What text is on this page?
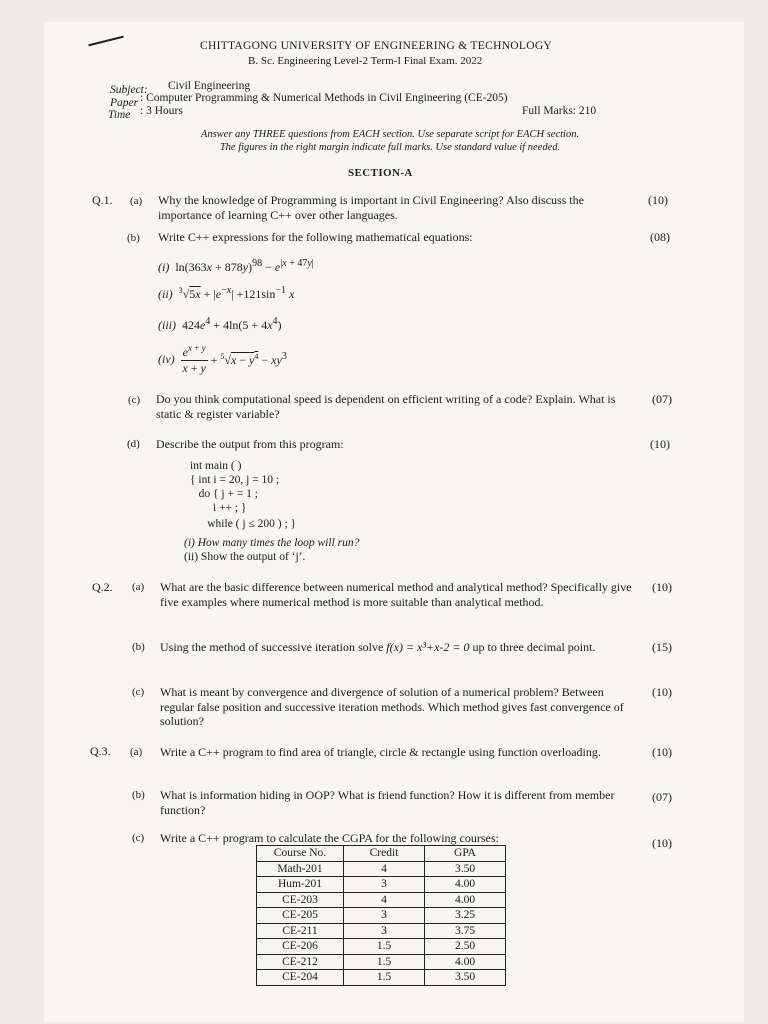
CHITTAGONG UNIVERSITY OF ENGINEERING & TECHNOLOGY
B. Sc. Engineering Level-2 Term-I Final Exam. 2022
Subject: Civil Engineering
Paper : Computer Programming & Numerical Methods in Civil Engineering (CE-205)
Time : 3 Hours	Full Marks: 210
Answer any THREE questions from EACH section. Use separate script for EACH section.
The figures in the right margin indicate full marks. Use standard value if needed.
SECTION-A
Q.1. (a) Why the knowledge of Programming is important in Civil Engineering? Also discuss the importance of learning C++ over other languages.
(10)
(b) Write C++ expressions for the following mathematical equations:	(08)
(i)  $\ln(363x + 878y)^{98} - e^{|x + 47y|}$
(ii) $^3√5x + |e^{-x}| +121\sin^{-1}$ x
(iii)  $424e^4 + 4\ln(5 + 4x^4)$
$(iv) \frac{e^{x + y}}{x + y} + ^5√x - y^4 - xy^3$
(c) Do you think computational speed is dependent on efficient writing of a code? Explain. What is static & register variable?
(07)
(d) Describe the output from this program:	(10)
int main ( )
{ int i = 20, j = 10 ;
do { j + = 1 ;
i ++ ; }
while ( j ≤ 200 ) ; }
(i) How many times the loop will run?
(ii) Show the output of ‘j’.
Q.2. (a) What are the basic difference between numerical method and analytical method? Specifically give five examples where numerical method is more suitable than analytical method.
(10)
(b) Using the method of successive iteration solve f(x) = x³+x-2 = 0 up to three decimal point.	(15)
(c) What is meant by convergence and divergence of solution of a numerical problem? Between regular false position and successive iteration methods. Which method gives fast convergence of solution?
(10)
Q.3. (a) Write a C++ program to find area of triangle, circle & rectangle using function overloading.	(10)
(b) What is information hiding in OOP? What is friend function? How it is different from member function?
(07)
(c) Write a C++ program to calculate the CGPA for the following courses:	(10)
Course No.	Credit	GPA
Math-201	4	3.50
Hum-201	3	4.00
CE-203	4	4.00
CE-205	3	3.25
CE-211	3	3.75
CE-206	1.5	2.50
CE-212	1.5	4.00
CE-204	1.5	3.50
